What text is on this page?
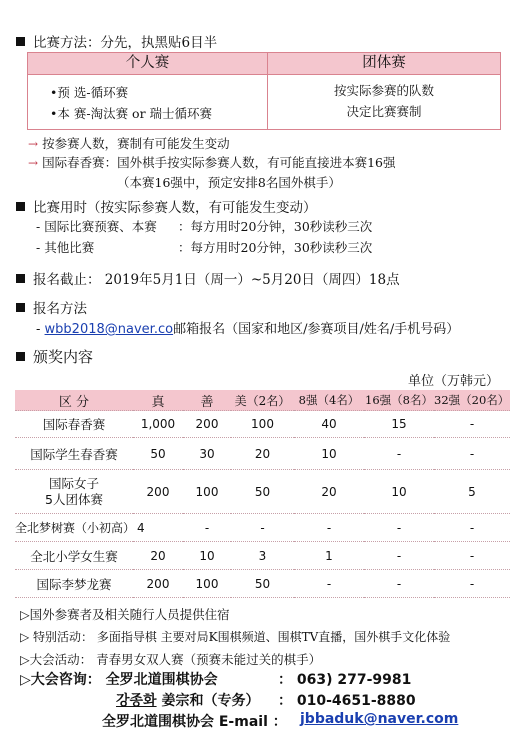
比赛方法：分先，执黑贴6目半
个人赛	团体赛
•预 选-循环赛
•本 赛-淘汰赛 or 瑞士循环赛
按实际参赛的队数
决定比赛赛制
→ 按参赛人数，赛制有可能发生变动
→ 国际春香赛：国外棋手按实际参赛人数，有可能直接进本赛16强
（本赛16强中，预定安排8名国外棋手）
比赛用时（按实际参赛人数，有可能发生变动）
- 国际比赛预赛、本赛 ：每方用时20分钟，30秒读秒三次
- 其他比赛	：每方用时20分钟，30秒读秒三次
报名截止： 2019年5月1日（周一）~5月20日（周四）18点
报名方法
- wbb2018@naver.co邮箱报名（国家和地区/参赛项目/姓名/手机号码）
颁奖内容
单位（万韩元）
区 分	真	善	美（2名）	8强（4名）	16强（8名）	32强（20名）
国际春香赛	1,000	200	100	40	15	-
国际学生春香赛	50	30	20	10	-	-
国际女子
5人团体赛	200	100	50	20	10	5
全北梦树赛（小初高）	4	-	-	-	-	-
全北小学女生赛	20	10	3	1	-	-
国际李梦龙赛	200	100	50	-	-	-
▷国外参赛者及相关随行人员提供住宿
▷ 特别活动： 多面指导棋 主要对局K围棋频道、围棋TV直播，国外棋手文化体验
▷大会活动： 青春男女双人赛（预赛未能过关的棋手）
▷大会咨询： 全罗北道围棋协会	： 063) 277-9981
강종화 姜宗和（专务） ： 010-4651-8880
全罗北道围棋协会 E-mail ： jbbaduk@naver.com
